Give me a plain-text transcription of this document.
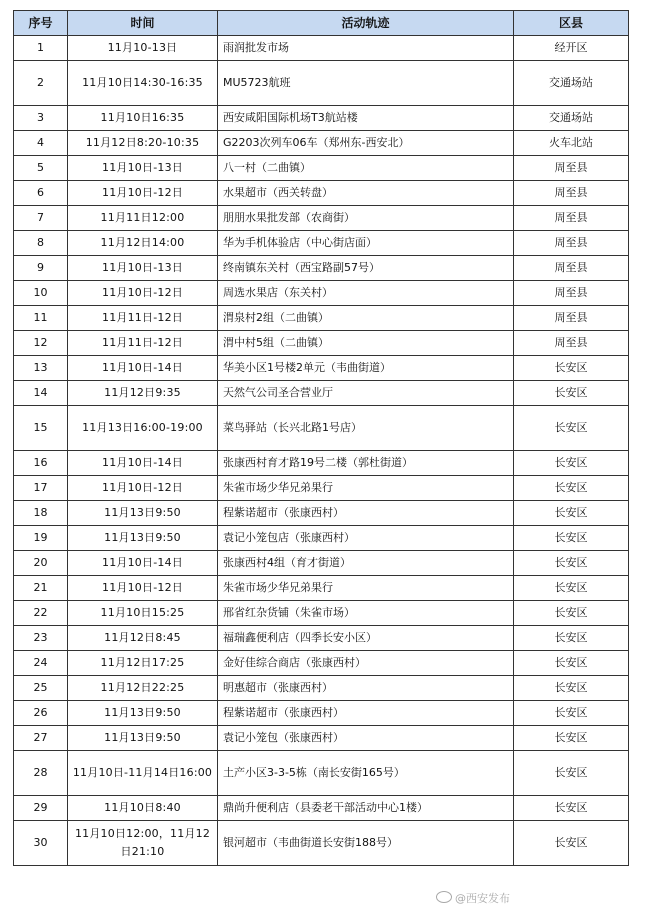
序号	时间	活动轨迹	区县
1	11月10-13日	雨润批发市场	经开区
2	11月10日14:30-16:35	MU5723航班	交通场站
3	11月10日16:35	西安咸阳国际机场T3航站楼	交通场站
4	11月12日8:20-10:35	G2203次列车06车（郑州东-西安北）	火车北站
5	11月10日-13日	八一村（二曲镇）	周至县
6	11月10日-12日	水果超市（西关转盘）	周至县
7	11月11日12:00	朋朋水果批发部（农商街）	周至县
8	11月12日14:00	华为手机体验店（中心街店面）	周至县
9	11月10日-13日	终南镇东关村（西宝路副57号）	周至县
10	11月10日-12日	周选水果店（东关村）	周至县
11	11月11日-12日	渭泉村2组（二曲镇）	周至县
12	11月11日-12日	渭中村5组（二曲镇）	周至县
13	11月10日-14日	华美小区1号楼2单元（韦曲街道）	长安区
14	11月12日9:35	天然气公司圣合营业厅	长安区
15	11月13日16:00-19:00	菜鸟驿站（长兴北路1号店）	长安区
16	11月10日-14日	张康西村育才路19号二楼（郭杜街道）	长安区
17	11月10日-12日	朱雀市场少华兄弟果行	长安区
18	11月13日9:50	程紫诺超市（张康西村）	长安区
19	11月13日9:50	袁记小笼包店（张康西村）	长安区
20	11月10日-14日	张康西村4组（育才街道）	长安区
21	11月10日-12日	朱雀市场少华兄弟果行	长安区
22	11月10日15:25	邢省红杂货铺（朱雀市场）	长安区
23	11月12日8:45	福瑞鑫便利店（四季长安小区）	长安区
24	11月12日17:25	金好佳综合商店（张康西村）	长安区
25	11月12日22:25	明惠超市（张康西村）	长安区
26	11月13日9:50	程紫诺超市（张康西村）	长安区
27	11月13日9:50	袁记小笼包（张康西村）	长安区
28	11月10日-11月14日16:00	土产小区3-3-5栋（南长安街165号）	长安区
29	11月10日8:40	鼎尚升便利店（县委老干部活动中心1楼）	长安区
30	11月10日12:00，11月12日21:10	银河超市（韦曲街道长安街188号）	长安区
@西安发布
